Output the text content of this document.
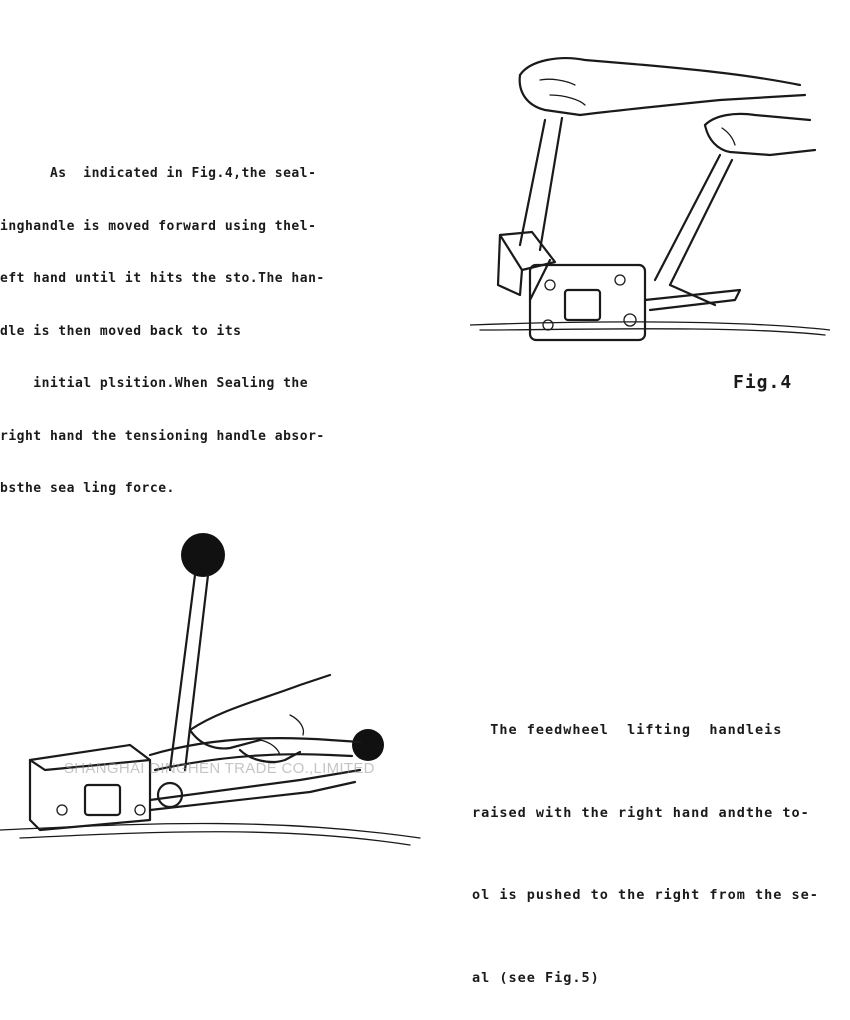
As  indicated in Fig.4,the seal-

inghandle is moved forward using thel-

eft hand until it hits the sto.The han-

dle is then moved back to its

initial plsition.When Sealing the

right hand the tensioning handle absor-

bsthe sea ling force.

Fig.4

The feedwheel  lifting  handleis

raised with the right hand andthe to-

ol is pushed to the right from the se-

al (see Fig.5)

SHANGHAI DINGHEN TRADE CO.,LIMITED
